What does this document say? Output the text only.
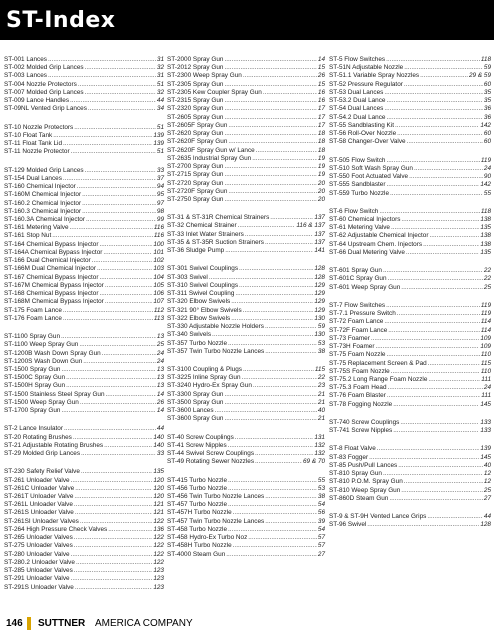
ST-Index
ST-001 Lances .....	31
ST-002 Molded Grip Lances .....	32
ST-003 Lances .....	31
ST-004 Nozzle Protectors .....	51
ST-007 Molded Grip Lances .....	32
ST-009 Lance Handles .....	44
ST-09NL Vented Grip Lances .....	34
ST-10 Nozzle Protectors .....	51
ST-10 Float Tank .....	139
ST-11 Float Tank Lid .....	139
ST-11 Nozzle Protector .....	51
ST-129 Molded Grip Lances .....	33
ST-154 Dual Lances .....	37
ST-160 Chemical Injector .....	94
ST-160M Chemical Injector .....	95
ST-160.2 Chemical Injector .....	97
ST-160.3 Chemical Injector .....	98
ST-160.3A Chemical Injector .....	99
ST-161 Metering Valve .....	116
ST-161 Stop Nut .....	116
ST-164 Chemical Bypass Injector .....	100
ST-164A Chemical Bypass Injector .....	101
ST-166 Dual Chemical Injector .....	102
ST-166M Dual Chemical Injector .....	103
ST-167 Chemical Bypass Injector .....	104
ST-167M Chemical Bypass Injector .....	105
ST-168 Chemical Bypass Injector .....	106
ST-168M Chemical Bypass Injector .....	107
ST-175 Foam Lance .....	112
ST-176 Foam Lance .....	113
ST-1100 Spray Gun .....	13
ST-1100 Weep Spray Gun .....	25
ST-1200B Wash Down Spray Gun .....	24
ST-1200S Wash Down Gun .....	24
ST-1500 Spray Gun .....	13
ST-1500C Spray Gun .....	13
ST-1500H Spray Gun .....	13
ST-1500 Stainless Steel Spray Gun .....	14
ST-1500 Weep Spray Gun .....	26
ST-1700 Spray Gun .....	14
ST-2 Lance Insulator .....	44
ST-20 Rotating Brushes .....	140
ST-21 Adjustable Rotating Brushes .....	140
ST-29 Molded Grip Lances .....	33
ST-230 Safety Relief Valve .....	135
ST-261 Unloader Valve .....	120
ST-261C Unloader Valve .....	120
ST-261T Unloader Valve .....	120
ST-261L Unloader Valve .....	121
ST-261S Unloader Valve .....	121
ST-261SI Unloader Valves .....	122
ST-264 High Pressure Check Valves .....	136
ST-265 Unloader Valves .....	122
ST-275 Unloader Valves .....	122
ST-280 Unloader Valve .....	122
ST-280.2 Unloader Valve .....	122
ST-285 Unloader Valves .....	123
ST-291 Unloader Valve .....	123
ST-291S Unloader Valve .....	123
ST-2000 Spray Gun .....	14
ST-2012 Spray Gun .....	15
ST-2300 Weep Spray Gun .....	26
ST-2305 Spray Gun .....	15
ST-2305 Kew Coupler Spray Gun .....	16
ST-2315 Spray Gun .....	16
ST-2320 Spray Gun .....	17
ST-2605 Spray Gun .....	17
ST-2605F Spray Gun .....	17
ST-2620 Spray Gun .....	18
ST-2620F Spray Gun .....	18
ST-2620F Spray Gun w/ Lance .....	18
ST-2635 Industrial Spray Gun .....	19
ST-2700 Spray Gun .....	19
ST-2715 Spray Gun .....	19
ST-2720 Spray Gun .....	20
ST-2720F Spray Gun .....	20
ST-2750 Spray Gun .....	20
ST-31 & ST-31R Chemical Strainers .....	137
ST-32 Chemical Strainer .....	116 & 137
ST-33 Inlet Water Strainers .....	137
ST-35 & ST-35R Suction Strainers .....	137
ST-36 Sludge Pump .....	141
ST-301 Swivel Couplings .....	128
ST-303 Swivel .....	128
ST-310 Swivel Couplings .....	129
ST-311 Swivel Coupling .....	129
ST-320 Elbow Swivels .....	129
ST-321 90° Elbow Swivels .....	129
ST-322 Elbow Swivels .....	130
ST-330 Adjustable Nozzle Holders .....	59
ST-340 Swivels .....	130
ST-357 Turbo Nozzle .....	53
ST-357 Twin Turbo Nozzle Lances .....	38
ST-3100 Coupling & Plugs .....	115
ST-3225 Inline Spray Gun .....	22
ST-3240 Hydro-Ex Spray Gun .....	23
ST-3300 Spray Gun .....	21
ST-3500 Spray Gun .....	21
ST-3600 Lances .....	40
ST-3600 Spray Gun .....	21
ST-40 Screw Couplings .....	131
ST-41 Screw Nipples .....	132
ST-44 Swivel Screw Couplings .....	132
ST-49 Rotating Sewer Nozzles .....	69 & 70
ST-415 Turbo Nozzle .....	55
ST-456 Turbo Nozzle .....	53
ST-456 Twin Turbo Nozzle Lances .....	38
ST-457 Turbo Nozzle .....	54
ST-457H Turbo Nozzle .....	56
ST-457 Twin Turbo Nozzle Lances .....	39
ST-458 Turbo Nozzle .....	54
ST-458 Hydro-Ex Turbo Noz .....	57
ST-458H Turbo Nozzle .....	57
ST-4000 Steam Gun .....	27
ST-5 Flow Switches .....	118
ST-51N Adjustable Nozzle .....	59
ST-51.1 Variable Spray Nozzles .....	29 & 59
ST-52 Pressure Regulator .....	60
ST-53 Dual Lances .....	35
ST-53.2 Dual Lance .....	35
ST-54 Dual Lances .....	36
ST-54.2 Dual Lance .....	36
ST-55 Sandblasting Kit .....	142
ST-56 Roll-Over Nozzle .....	60
ST-58 Changer-Over Valve .....	60
ST-505 Flow Switch .....	119
ST-510 Soft Wash Spray Gun .....	24
ST-550 Foot Actuated Valve .....	90
ST-555 Sandblaster .....	142
ST-559 Turbo Nozzle .....	55
ST-6 Flow Switch .....	118
ST-60 Chemical Injectors .....	138
ST-61 Metering Valve .....	135
ST-62 Adjustable Chemical Injector .....	138
ST-64 Upstream Chem. Injectors .....	138
ST-66 Dual Metering Valve .....	135
ST-601 Spray Gun .....	22
ST-601C Spray Gun .....	22
ST-601 Weep Spray Gun .....	25
ST-7 Flow Switches .....	119
ST-7.1 Pressure Switch .....	119
ST-72 Foam Lance .....	114
ST-72F Foam Lance .....	114
ST-73 Foamer .....	109
ST-73H Foamer .....	109
ST-75 Foam Nozzle .....	110
ST-75 Replacement Screen & Pad .....	115
ST-75S Foam Nozzle .....	110
ST-75.2 Long Range Foam Nozzle .....	111
ST-75.3 Foam Head .....	24
ST-76 Foam Blaster .....	111
ST-78 Fogging Nozzle .....	145
ST-740 Screw Couplings .....	133
ST-741 Screw Nipples .....	133
ST-8 Float Valve .....	139
ST-83 Fogger .....	145
ST-85 Push/Pull Lances .....	40
ST-810 Spray Gun .....	12
ST-810 P.O.M. Spray Gun .....	12
ST-810 Weep Spray Gun .....	25
ST-860D Steam Gun .....	27
ST-9 & ST-9H Vented Lance Grips .....	44
ST-96 Swivel .....	128
146 SUTTNER AMERICA COMPANY
